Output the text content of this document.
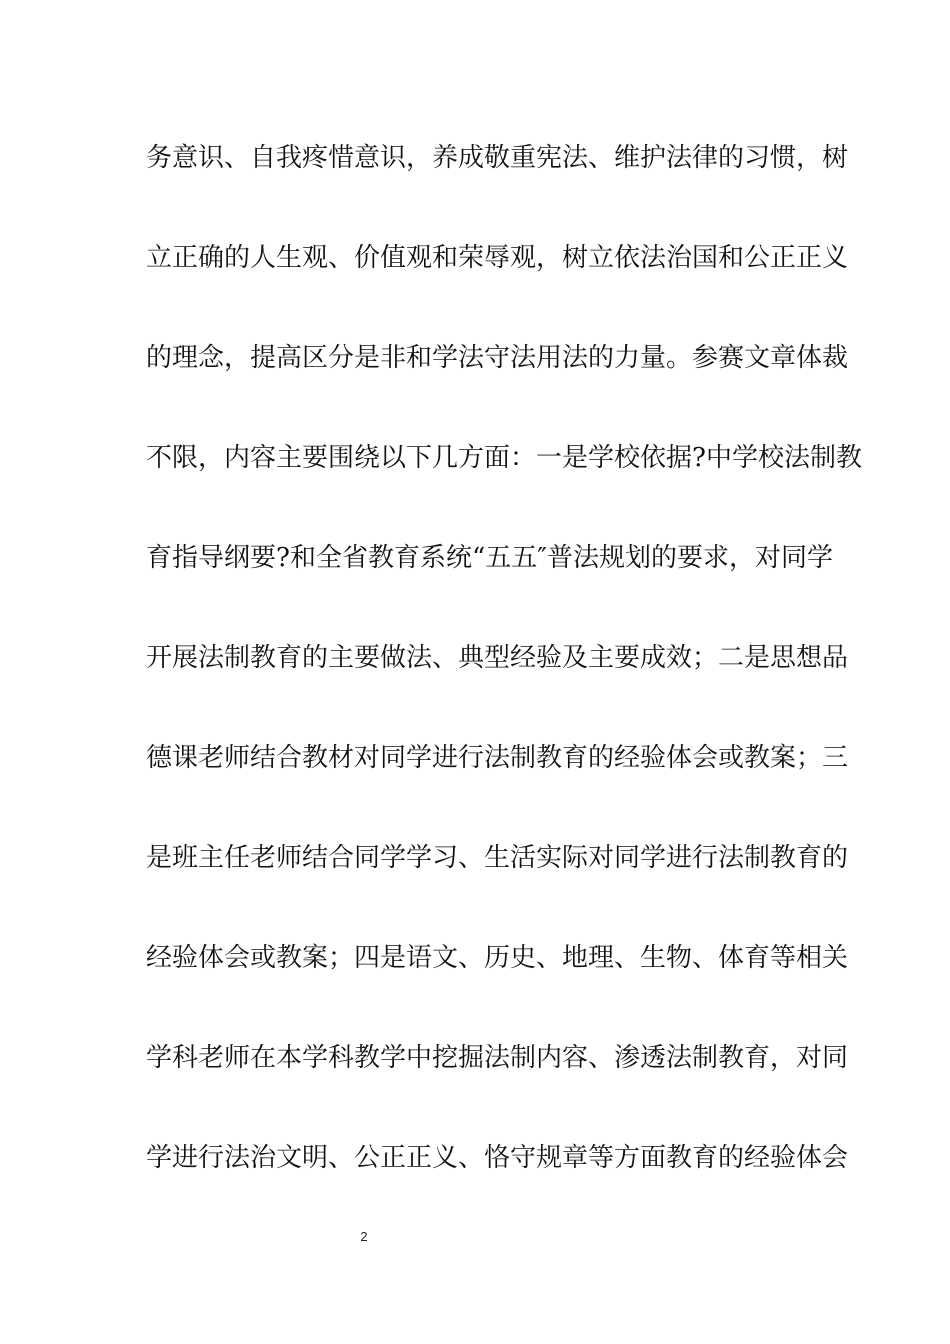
务意识、自我疼惜意识，养成敬重宪法、维护法律的习惯，树
立正确的人生观、价值观和荣辱观，树立依法治国和公正正义
的理念，提高区分是非和学法守法用法的力量。参赛文章体裁
不限，内容主要围绕以下几方面：一是学校依据?中学校法制教
育指导纲要?和全省教育系统“五五″普法规划的要求，对同学
开展法制教育的主要做法、典型经验及主要成效；二是思想品
德课老师结合教材对同学进行法制教育的经验体会或教案；三
是班主任老师结合同学学习、生活实际对同学进行法制教育的
经验体会或教案；四是语文、历史、地理、生物、体育等相关
学科老师在本学科教学中挖掘法制内容、渗透法制教育，对同
学进行法治文明、公正正义、恪守规章等方面教育的经验体会
2
